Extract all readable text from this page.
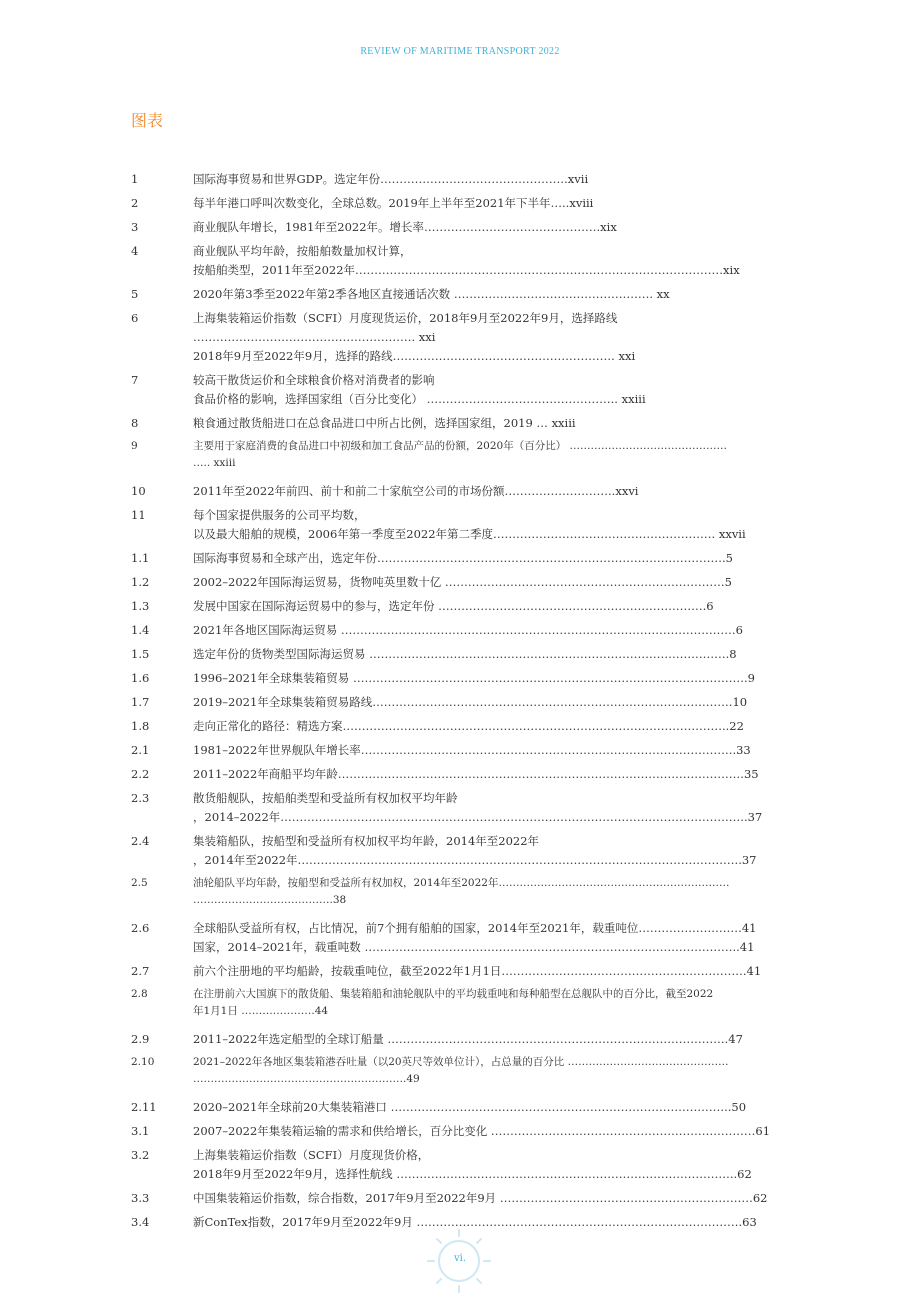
REVIEW OF MARITIME TRANSPORT 2022
图表
1	国际海事贸易和世界GDP。选定年份………………………………………….xvii
2	每半年港口呼叫次数变化，全球总数。2019年上半年至2021年下半年…..xviii
3	商业舰队年增长，1981年至2022年。增长率……………………………………….xix
4	商业舰队平均年龄，按船舶数量加权计算，
按船舶类型，2011年至2022年……………………………………………………………………………………xix
5	2020年第3季至2022年第2季各地区直接通话次数 ……………………………………………. xx
6	上海集装箱运价指数（SCFI）月度现货运价，2018年9月至2022年9月，选择路线 …………………………………………………. xxi
2018年9月至2022年9月，选择的路线…………………………………………………. xxi
7	较高干散货运价和全球粮食价格对消费者的影响
食品价格的影响，选择国家组（百分比变化） ………………………………………….. xxiii
8	粮食通过散货船进口在总食品进口中所占比例，选择国家组，2019 … xxiii
9	主要用于家庭消费的食品进口中初级和加工食品产品的份额，2020年（百分比） ………………………………………
….. xxiii
10	2011年至2022年前四、前十和前二十家航空公司的市场份额………………………..xxvi
11	每个国家提供服务的公司平均数，
以及最大船舶的规模，2006年第一季度至2022年第二季度…………………………………………………. xxvii
1.1	国际海事贸易和全球产出，选定年份……………………………………………………………………………….5
1.2	2002–2022年国际海运贸易，货物吨英里数十亿 ……………………………………………………………….5
1.3	发展中国家在国际海运贸易中的参与，选定年份 …………………………………………………………….6
1.4	2021年各地区国际海运贸易 ………………………………………………………………………………………….6
1.5	选定年份的货物类型国际海运贸易 ………………………………………………………………………………….8
1.6	1996–2021年全球集装箱贸易 ………………………………………………………………………………………….9
1.7	2019–2021年全球集装箱贸易路线………………………………………………………………………………….10
1.8	走向正常化的路径：精选方案………………………………………………………………………………………..22
2.1	1981–2022年世界舰队年增长率……………………………………………………………………………………..33
2.2	2011–2022年商船平均年龄…………………………………………………………………………………………….35
2.3	散货船舰队，按船舶类型和受益所有权加权平均年龄
，2014–2022年…………………………………………………………………………………………………………..37
2.4	集装箱船队，按船型和受益所有权加权平均年龄，2014年至2022年
，2014年至2022年……………………………………………………………………………………………………..37
2.5	油轮船队平均年龄，按船型和受益所有权加权，2014年至2022年…………………………………………………………
………………………………….38
2.6	全球船队受益所有权，占比情况，前7个拥有船舶的国家，2014年至2021年，载重吨位………………………41
国家，2014–2021年，载重吨数 ……………………………………………………………………………………..41
2.7	前六个注册地的平均船龄，按载重吨位，截至2022年1月1日……………………………………………………….41
2.8	在注册前六大国旗下的散货船、集装箱船和油轮舰队中的平均载重吨和每种船型在总舰队中的百分比，截至2022
年1月1日 …………………44
2.9	2011–2022年选定船型的全球订船量 ……………………………………………………………………………..47
2.10	2021–2022年各地区集装箱港吞吐量（以20英尺等效单位计），占总量的百分比 ……………………………………….
…………………………………………………….49
2.11	2020–2021年全球前20大集装箱港口 ……………………………………………………………………………..50
3.1	2007–2022年集装箱运输的需求和供给增长，百分比变化 ……………………………………………………………61
3.2	上海集装箱运价指数（SCFI）月度现货价格，
2018年9月至2022年9月，选择性航线 ……………………………………………………………………………..62
3.3	中国集装箱运价指数，综合指数，2017年9月至2022年9月 …………………………………………………………62
3.4	新ConTex指数，2017年9月至2022年9月 ………………………………………………………………………….63
vi.
